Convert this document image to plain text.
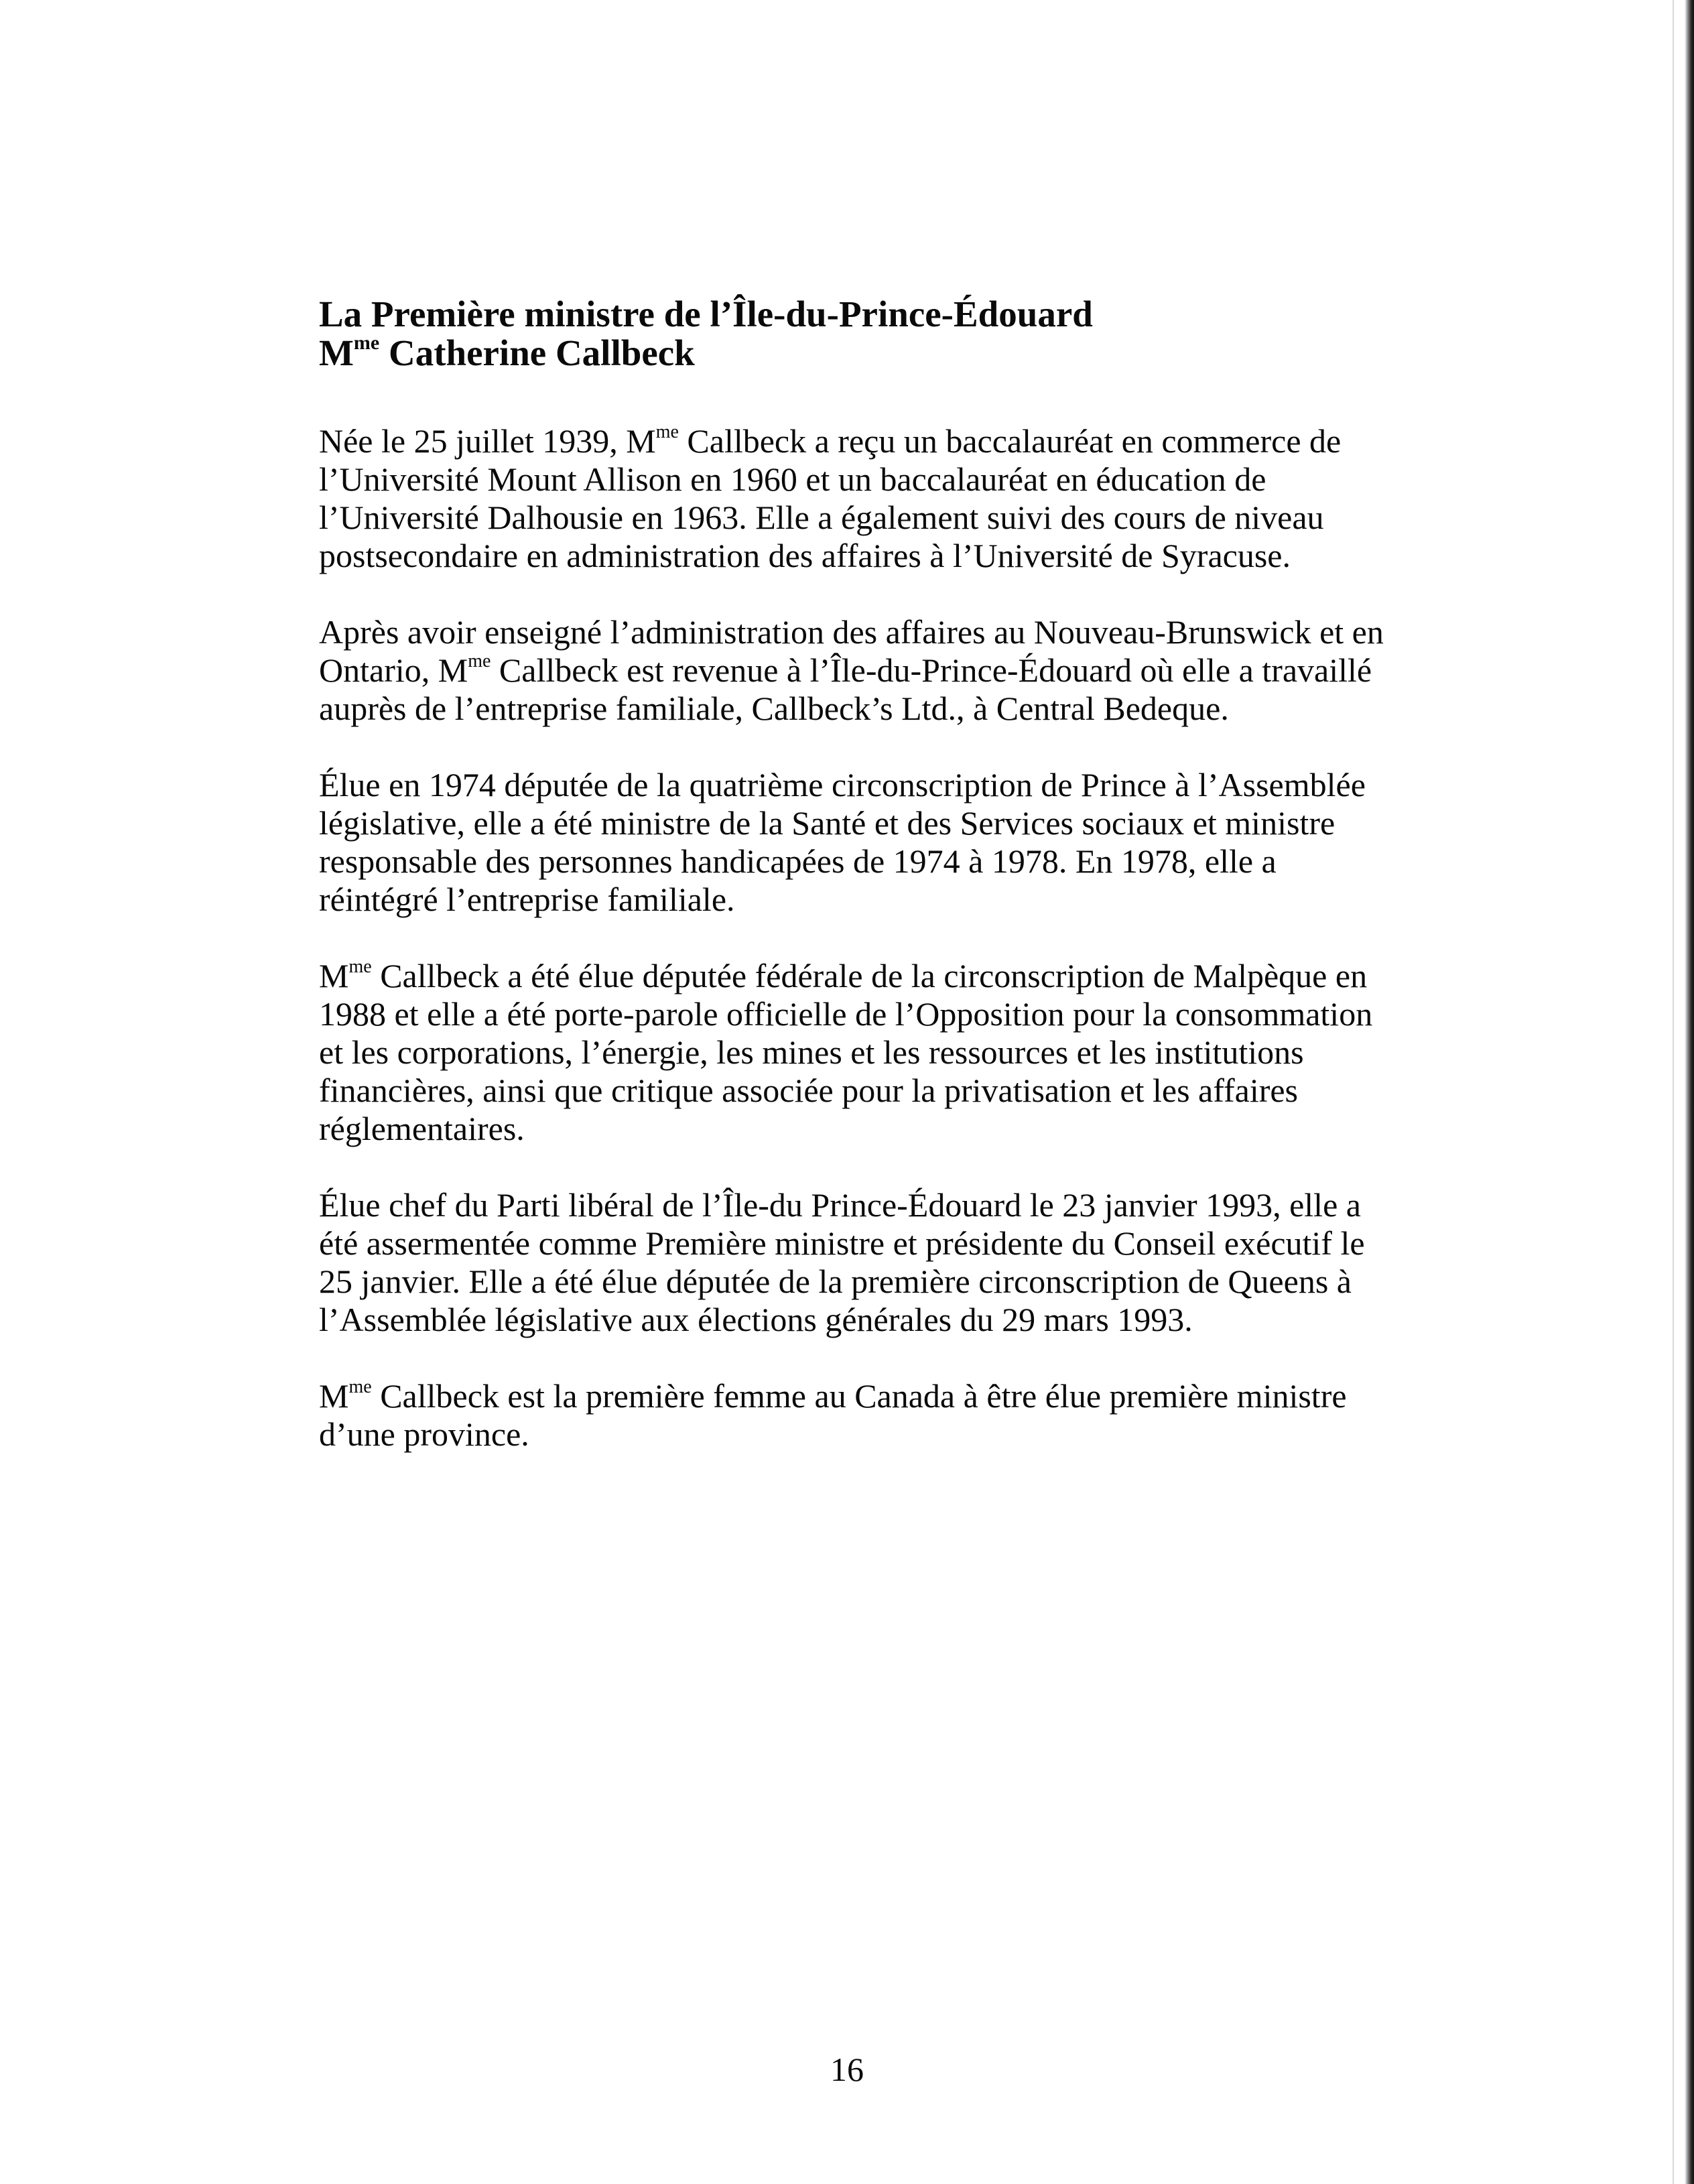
La Première ministre de l’Île-du-Prince-Édouard
$M^{me}$ Catherine Callbeck

Née le 25 juillet 1939, $M^{me}$ Callbeck a reçu un baccalauréat en commerce de
l’Université Mount Allison en 1960 et un baccalauréat en éducation de
l’Université Dalhousie en 1963. Elle a également suivi des cours de niveau
postsecondaire en administration des affaires à l’Université de Syracuse.

Après avoir enseigné l’administration des affaires au Nouveau-Brunswick et en
Ontario, $M^{me}$ Callbeck est revenue à l’Île-du-Prince-Édouard où elle a travaillé
auprès de l’entreprise familiale, Callbeck’s Ltd., à Central Bedeque.

Élue en 1974 députée de la quatrième circonscription de Prince à l’Assemblée
législative, elle a été ministre de la Santé et des Services sociaux et ministre
responsable des personnes handicapées de 1974 à 1978. En 1978, elle a
réintégré l’entreprise familiale.

$M^{me}$ Callbeck a été élue députée fédérale de la circonscription de Malpèque en
1988 et elle a été porte-parole officielle de l’Opposition pour la consommation
et les corporations, l’énergie, les mines et les ressources et les institutions
financières, ainsi que critique associée pour la privatisation et les affaires
réglementaires.

Élue chef du Parti libéral de l’Île-du Prince-Édouard le 23 janvier 1993, elle a
été assermentée comme Première ministre et présidente du Conseil exécutif le
25 janvier. Elle a été élue députée de la première circonscription de Queens à
l’Assemblée législative aux élections générales du 29 mars 1993.

$M^{me}$ Callbeck est la première femme au Canada à être élue première ministre
d’une province.

16
